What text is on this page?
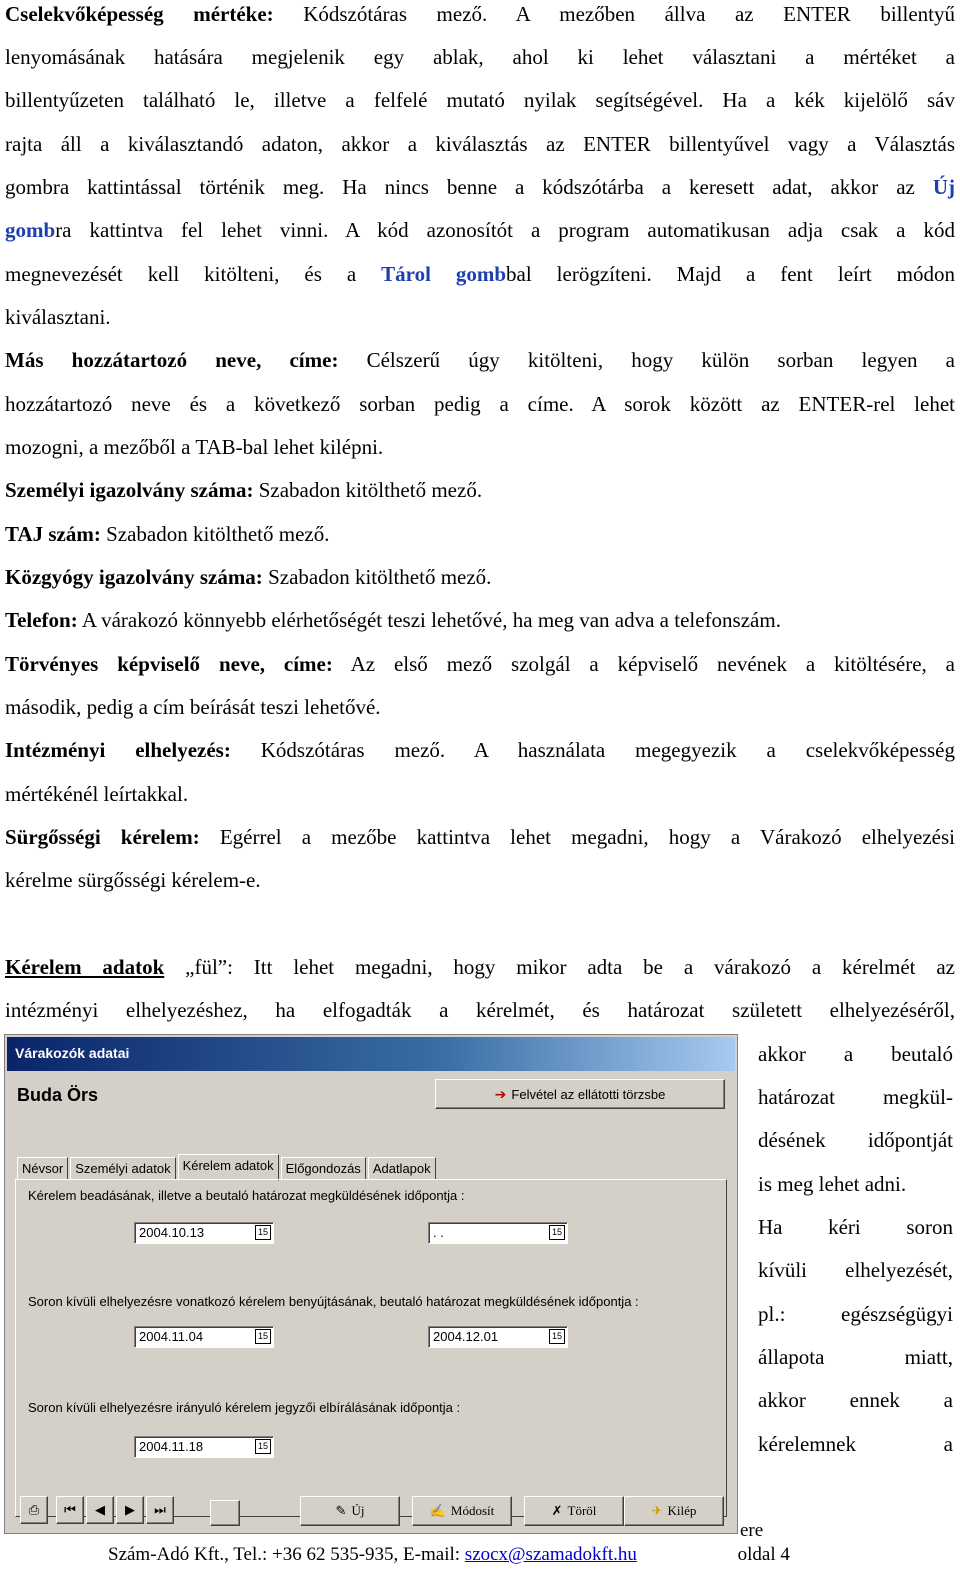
Cselekvőképesség mértéke: Kódszótáras mező. A mezőben állva az ENTER billentyű
lenyomásának hatására megjelenik egy ablak, ahol ki lehet választani a mértéket a
billentyűzeten található le, illetve a felfelé mutató nyilak segítségével. Ha a kék kijelölő sáv
rajta áll a kiválasztandó adaton, akkor a kiválasztás az ENTER billentyűvel vagy a Választás
gombra kattintással történik meg. Ha nincs benne a kódszótárba a keresett adat, akkor az Új
gombra kattintva fel lehet vinni. A kód azonosítót a program automatikusan adja csak a kód
megnevezését kell kitölteni, és a Tárol gombbal lerögzíteni. Majd a fent leírt módon
kiválasztani.
Más hozzátartozó neve, címe: Célszerű úgy kitölteni, hogy külön sorban legyen a
hozzátartozó neve és a következő sorban pedig a címe. A sorok között az ENTER-rel lehet
mozogni, a mezőből a TAB-bal lehet kilépni.
Személyi igazolvány száma: Szabadon kitölthető mező.
TAJ szám: Szabadon kitölthető mező.
Közgyógy igazolvány száma: Szabadon kitölthető mező.
Telefon: A várakozó könnyebb elérhetőségét teszi lehetővé, ha meg van adva a telefonszám.
Törvényes képviselő neve, címe: Az első mező szolgál a képviselő nevének a kitöltésére, a
második, pedig a cím beírását teszi lehetővé.
Intézményi elhelyezés: Kódszótáras mező. A használata megegyezik a cselekvőképesség
mértékénél leírtakkal.
Sürgősségi kérelem: Egérrel a mezőbe kattintva lehet megadni, hogy a Várakozó elhelyezési
kérelme sürgősségi kérelem-e.
Kérelem adatok „fül”: Itt lehet megadni, hogy mikor adta be a várakozó a kérelmét az
intézményi elhelyezéshez, ha elfogadták a kérelmét, és határozat született elhelyezéséről,
akkor a beutaló
határozat megkül-
désének időpontját
is meg lehet adni.
Ha kéri soron
kívüli elhelyezését,
pl.: egészségügyi
állapota miatt,
akkor ennek a
kérelemnek a
Várakozók adatai
Buda Örs	➔ Felvétel az ellátotti törzsbe
Névsor Személyi adatok Kérelem adatok Előgondozás Adatlapok
Kérelem beadásának, illetve a beutaló határozat megküldésének időpontja :
2004.10.13	15	. .	15
Soron kívüli elhelyezésre vonatkozó kérelem benyújtásának, beutaló határozat megküldésének időpontja :
2004.11.04	15	2004.12.01	15
Soron kívüli elhelyezésre irányuló kérelem jegyzői elbírálásának időpontja :
2004.11.18	15
⎙ ⏮ ◀ ▶ ⏭	✎ Új	✍ Módosít	✗ Töröl	✈ Kilép
ere
Szám-Adó Kft., Tel.: +36 62 535-935, E-mail: szocx@szamadokft.hu	oldal 4
